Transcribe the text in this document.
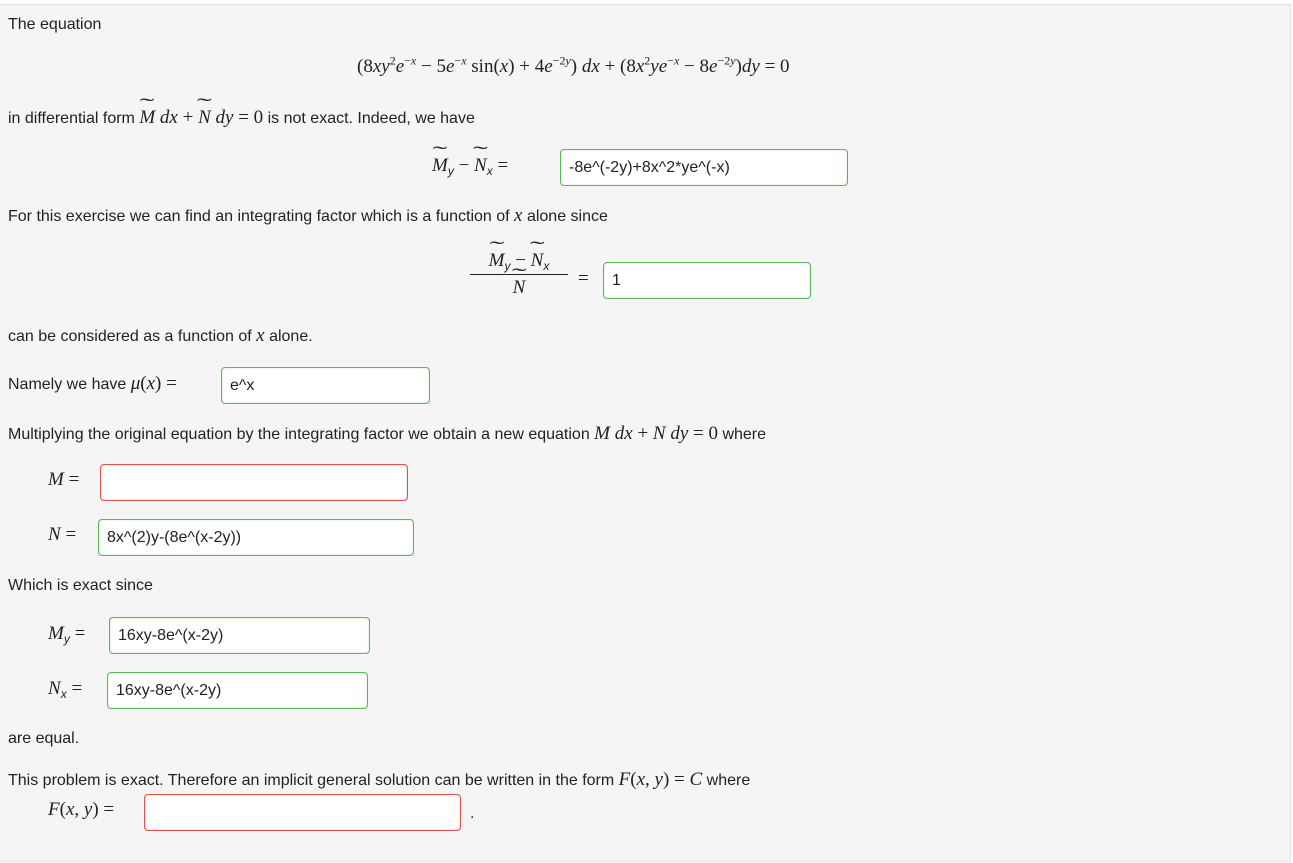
The equation
($8xy^2e^{-x} - 5e^{-x}$ $\sin(x) + 4e^{-2y}$) dx + $(8x^2ye^{-x} - 8e^{-2y})dy = 0$
in differential form ˜ M dx + ˜ N dy = 0 is not exact. Indeed, we have
˜ $M_y$ − ˜ $N_x$ =	-8e^(-2y)+8x^2*ye^(-x)
For this exercise we can find an integrating factor which is a function of x alone since
˜ $M_y$ − ˜ $N_x$
˜ N	=	1
can be considered as a function of x alone.
Namely we have μ(x) =	e^x
Multiplying the original equation by the integrating factor we obtain a new equation M dx + N dy = 0 where
M =
N =	8x^(2)y-(8e^(x-2y))
Which is exact since
$M_y$ =	16xy-8e^(x-2y)
$N_x$ =	16xy-8e^(x-2y)
are equal.
This problem is exact. Therefore an implicit general solution can be written in the form F(x, y) = C where
F(x, y) =	.
